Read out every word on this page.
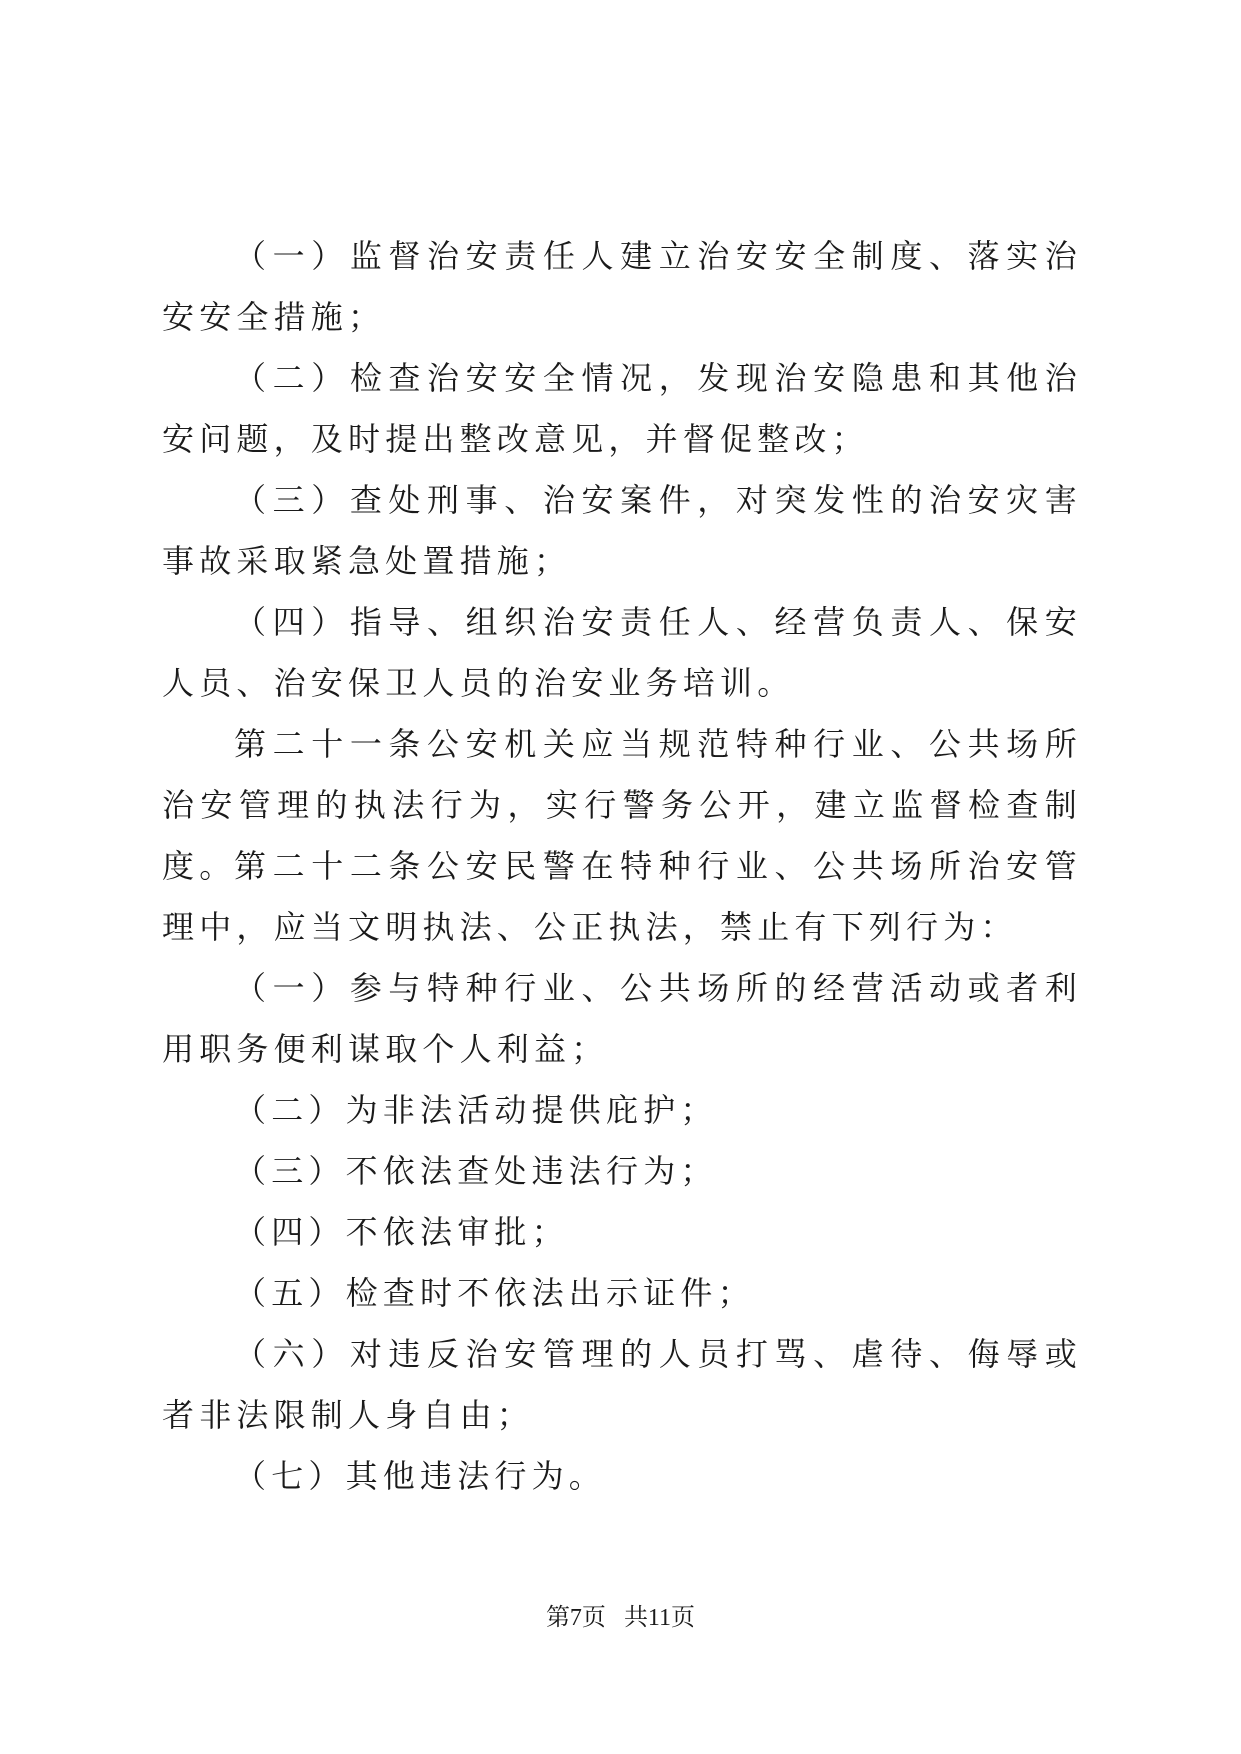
（一）监督治安责任人建立治安安全制度、落实治安安全措施；

（二）检查治安安全情况，发现治安隐患和其他治安问题，及时提出整改意见，并督促整改；

（三）查处刑事、治安案件，对突发性的治安灾害事故采取紧急处置措施；

（四）指导、组织治安责任人、经营负责人、保安人员、治安保卫人员的治安业务培训。

第二十一条公安机关应当规范特种行业、公共场所治安管理的执法行为，实行警务公开，建立监督检查制度。

第二十二条公安民警在特种行业、公共场所治安管理中，应当文明执法、公正执法，禁止有下列行为：

（一）参与特种行业、公共场所的经营活动或者利用职务便利谋取个人利益；

（二）为非法活动提供庇护；

（三）不依法查处违法行为；

（四）不依法审批；

（五）检查时不依法出示证件；

（六）对违反治安管理的人员打骂、虐待、侮辱或者非法限制人身自由；

（七）其他违法行为。

第7页 共11页
